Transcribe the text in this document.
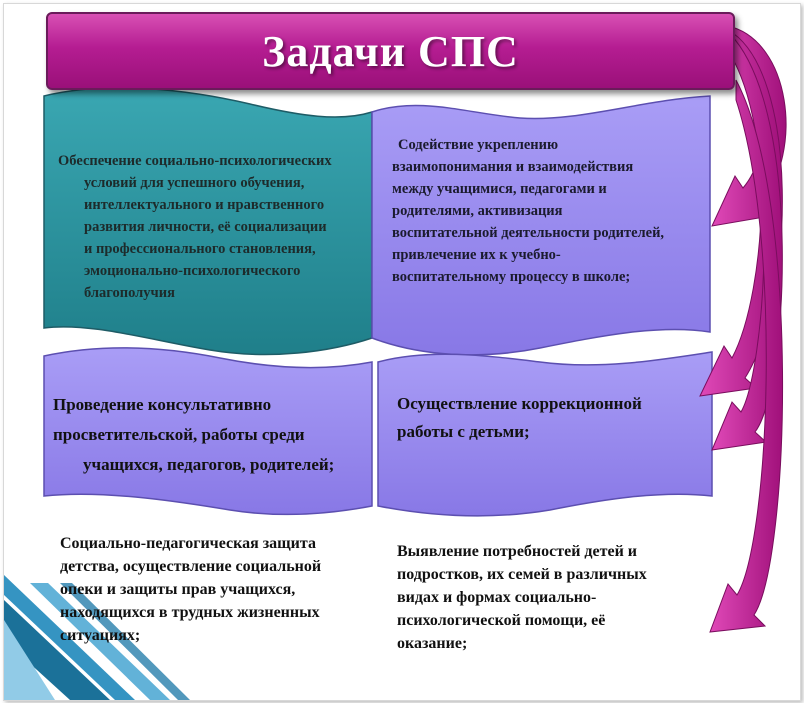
Задачи СПС
Обеспечение социально-психологических
условий для успешного обучения,
интеллектуального и нравственного
развития личности, её социализации
и профессионального становления,
эмоционально-психологического
благополучия
Содействие укреплению
взаимопонимания и взаимодействия
между учащимися, педагогами и
родителями, активизация
воспитательной деятельности родителей,
привлечение их к учебно-
воспитательному процессу в школе;
Проведение консультативно
просветительской, работы среди
учащихся, педагогов, родителей;
Осуществление коррекционной
работы с детьми;
Социально-педагогическая защита
детства, осуществление социальной
опеки и защиты прав учащихся,
находящихся в трудных жизненных
ситуациях;
Выявление потребностей детей и
подростков, их семей в различных
видах и формах социально-
психологической помощи, её
оказание;
